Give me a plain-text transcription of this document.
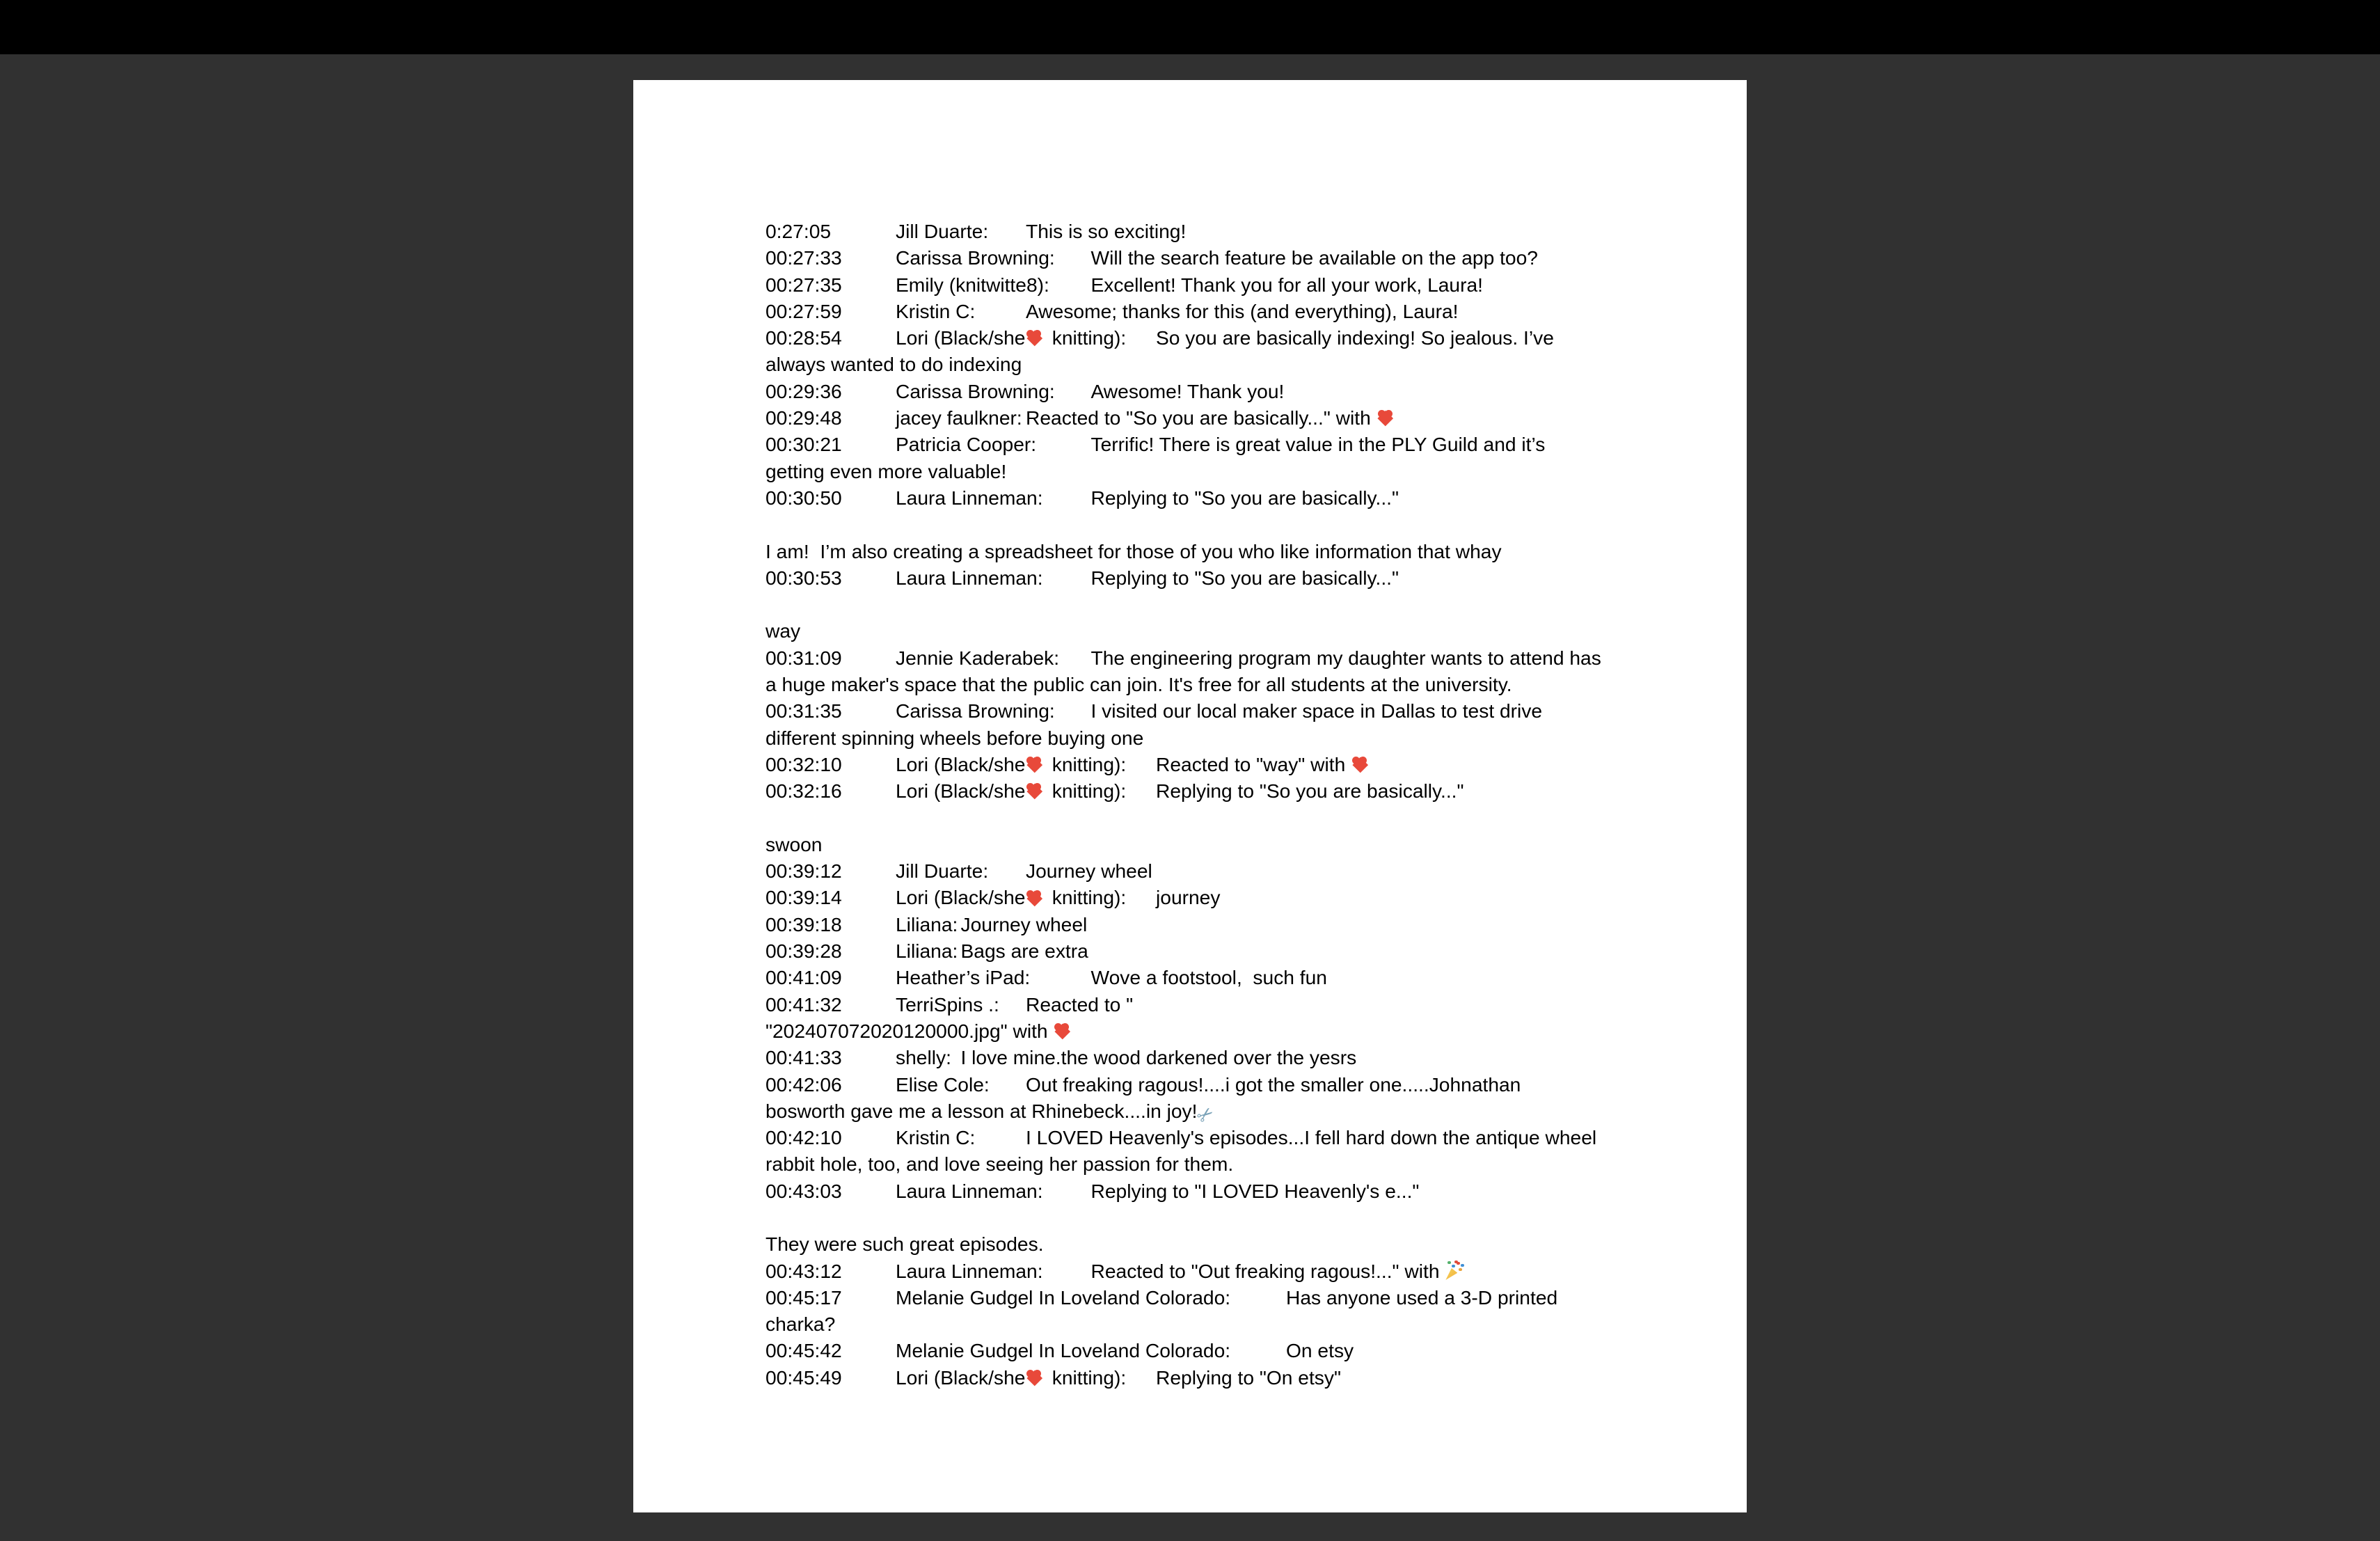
0:27:05	Jill Duarte:	This is so exciting!
00:27:33	Carissa Browning:	Will the search feature be available on the app too?
00:27:35	Emily (knitwitte8):	Excellent! Thank you for all your work, Laura!
00:27:59	Kristin C:	Awesome; thanks for this (and everything), Laura!
00:28:54	Lori (Black/she knitting):	So you are basically indexing! So jealous. I’ve
always wanted to do indexing
00:29:36	Carissa Browning:	Awesome! Thank you!
00:29:48	jacey faulkner:	Reacted to "So you are basically..." with
00:30:21	Patricia Cooper:	Terrific! There is great value in the PLY Guild and it’s
getting even more valuable!
00:30:50	Laura Linneman:	Replying to "So you are basically..."
I am!  I’m also creating a spreadsheet for those of you who like information that whay
00:30:53	Laura Linneman:	Replying to "So you are basically..."
way
00:31:09	Jennie Kaderabek:	The engineering program my daughter wants to attend has
a huge maker's space that the public can join. It's free for all students at the university.
00:31:35	Carissa Browning:	I visited our local maker space in Dallas to test drive
different spinning wheels before buying one
00:32:10	Lori (Black/she knitting):	Reacted to "way" with
00:32:16	Lori (Black/she knitting):	Replying to "So you are basically..."
swoon
00:39:12	Jill Duarte:	Journey wheel
00:39:14	Lori (Black/she knitting):	journey
00:39:18	Liliana:	Journey wheel
00:39:28	Liliana:	Bags are extra
00:41:09	Heather’s iPad:	Wove a footstool,  such fun
00:41:32	TerriSpins .:	Reacted to "
"202407072020120000.jpg" with
00:41:33	shelly:	I love mine.the wood darkened over the yesrs
00:42:06	Elise Cole:	Out freaking ragous!....i got the smaller one.....Johnathan
bosworth gave me a lesson at Rhinebeck....in joy!✂
00:42:10	Kristin C:	I LOVED Heavenly's episodes...I fell hard down the antique wheel
rabbit hole, too, and love seeing her passion for them.
00:43:03	Laura Linneman:	Replying to "I LOVED Heavenly's e..."
They were such great episodes.
00:43:12	Laura Linneman:	Reacted to "Out freaking ragous!..." with
00:45:17	Melanie Gudgel In Loveland Colorado:	Has anyone used a 3-D printed
charka?
00:45:42	Melanie Gudgel In Loveland Colorado:	On etsy
00:45:49	Lori (Black/she knitting):	Replying to "On etsy"
